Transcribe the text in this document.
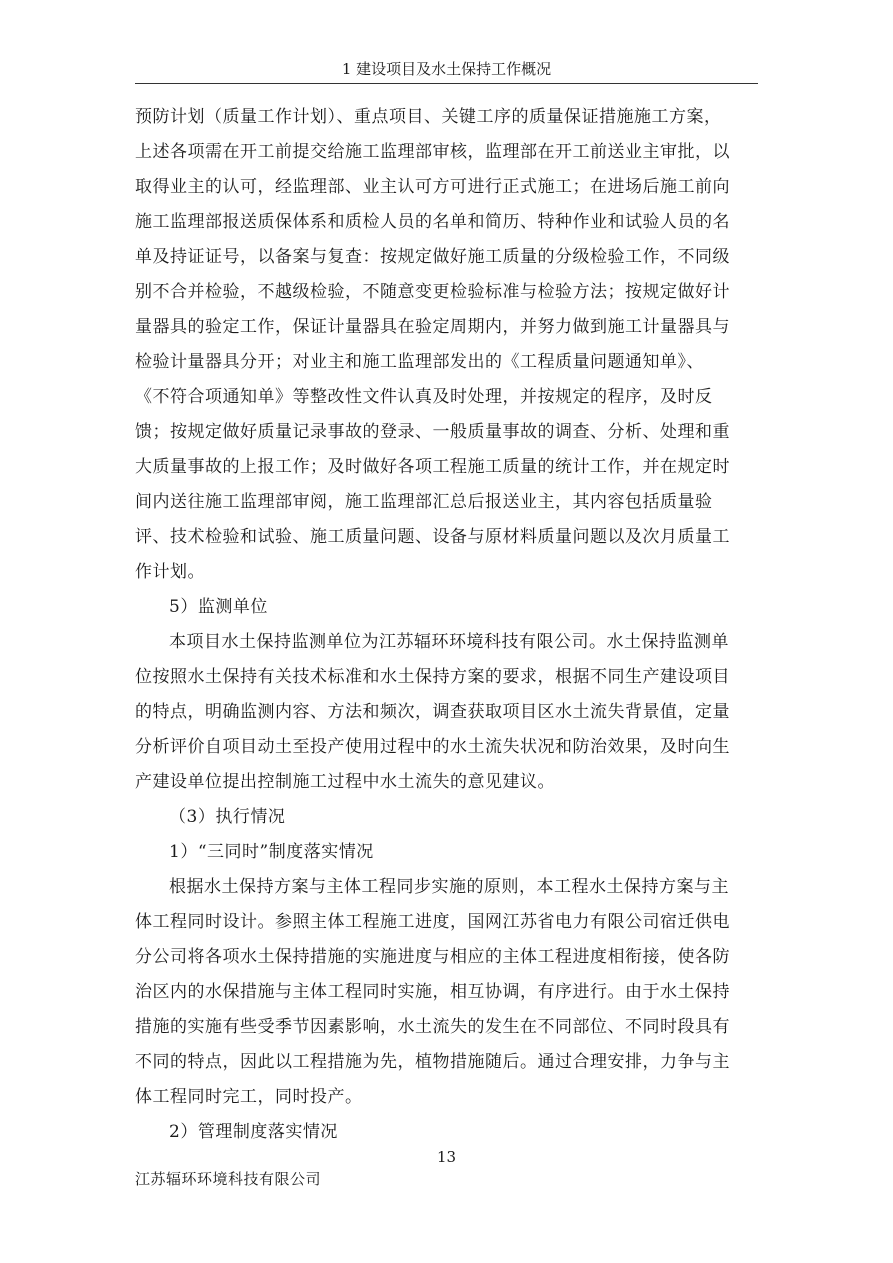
1 建设项目及水土保持工作概况
预防计划（质量工作计划）、重点项目、关键工序的质量保证措施施工方案，
上述各项需在开工前提交给施工监理部审核，监理部在开工前送业主审批，以
取得业主的认可，经监理部、业主认可方可进行正式施工；在进场后施工前向
施工监理部报送质保体系和质检人员的名单和简历、特种作业和试验人员的名
单及持证证号，以备案与复查：按规定做好施工质量的分级检验工作，不同级
别不合并检验，不越级检验，不随意变更检验标准与检验方法；按规定做好计
量器具的验定工作，保证计量器具在验定周期内，并努力做到施工计量器具与
检验计量器具分开；对业主和施工监理部发出的《工程质量问题通知单》、
《不符合项通知单》等整改性文件认真及时处理，并按规定的程序，及时反
馈；按规定做好质量记录事故的登录、一般质量事故的调查、分析、处理和重
大质量事故的上报工作；及时做好各项工程施工质量的统计工作，并在规定时
间内送往施工监理部审阅，施工监理部汇总后报送业主，其内容包括质量验
评、技术检验和试验、施工质量问题、设备与原材料质量问题以及次月质量工
作计划。
5）监测单位
本项目水土保持监测单位为江苏辐环环境科技有限公司。水土保持监测单
位按照水土保持有关技术标准和水土保持方案的要求，根据不同生产建设项目
的特点，明确监测内容、方法和频次，调查获取项目区水土流失背景值，定量
分析评价自项目动土至投产使用过程中的水土流失状况和防治效果，及时向生
产建设单位提出控制施工过程中水土流失的意见建议。
（3）执行情况
1）“三同时”制度落实情况
根据水土保持方案与主体工程同步实施的原则，本工程水土保持方案与主
体工程同时设计。参照主体工程施工进度，国网江苏省电力有限公司宿迁供电
分公司将各项水土保持措施的实施进度与相应的主体工程进度相衔接，使各防
治区内的水保措施与主体工程同时实施，相互协调，有序进行。由于水土保持
措施的实施有些受季节因素影响，水土流失的发生在不同部位、不同时段具有
不同的特点，因此以工程措施为先，植物措施随后。通过合理安排，力争与主
体工程同时完工，同时投产。
2）管理制度落实情况
13
江苏辐环环境科技有限公司
